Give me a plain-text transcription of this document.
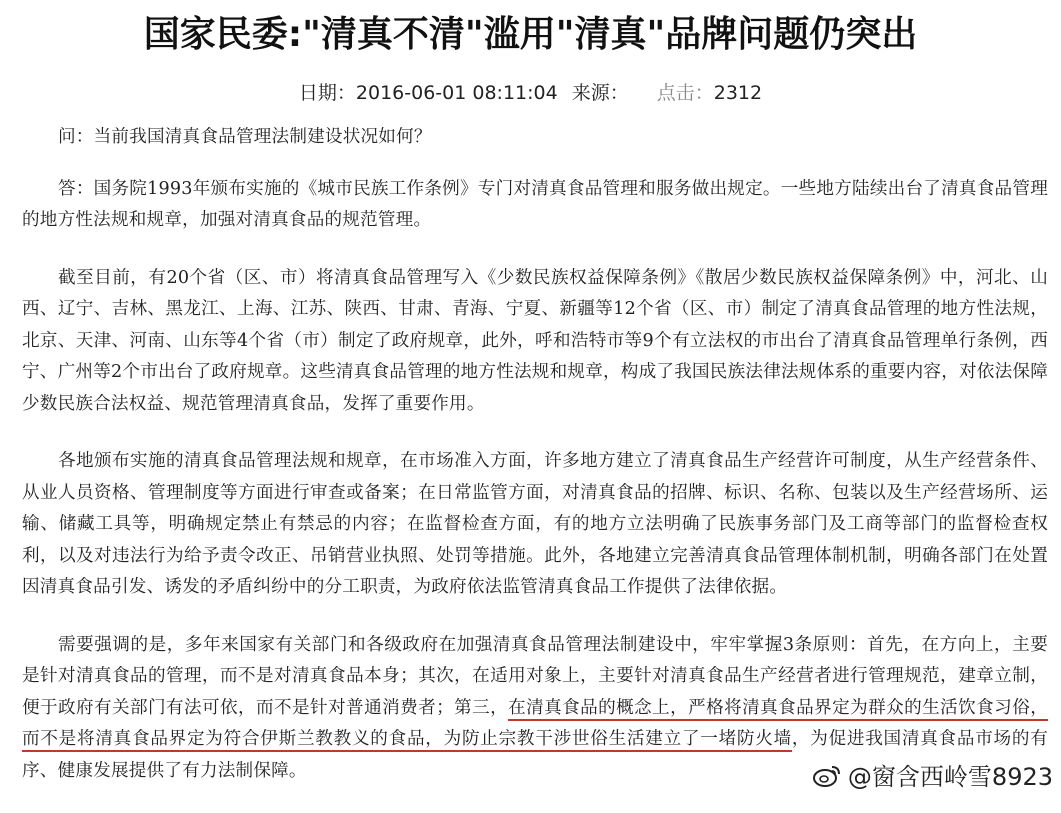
国家民委:"清真不清"滥用"清真"品牌问题仍突出
日期：2016-06-01 08:11:04 来源： 点击：2312

问：当前我国清真食品管理法制建设状况如何？

答：国务院1993年颁布实施的《城市民族工作条例》专门对清真食品管理和服务做出规定。一些地方陆续出台了清真食品管理的地方性法规和规章，加强对清真食品的规范管理。

截至目前，有20个省（区、市）将清真食品管理写入《少数民族权益保障条例》《散居少数民族权益保障条例》中，河北、山西、辽宁、吉林、黑龙江、上海、江苏、陕西、甘肃、青海、宁夏、新疆等12个省（区、市）制定了清真食品管理的地方性法规，北京、天津、河南、山东等4个省（市）制定了政府规章，此外，呼和浩特市等9个有立法权的市出台了清真食品管理单行条例，西宁、广州等2个市出台了政府规章。这些清真食品管理的地方性法规和规章，构成了我国民族法律法规体系的重要内容，对依法保障少数民族合法权益、规范管理清真食品，发挥了重要作用。

各地颁布实施的清真食品管理法规和规章，在市场准入方面，许多地方建立了清真食品生产经营许可制度，从生产经营条件、从业人员资格、管理制度等方面进行审查或备案；在日常监管方面，对清真食品的招牌、标识、名称、包装以及生产经营场所、运输、储藏工具等，明确规定禁止有禁忌的内容；在监督检查方面，有的地方立法明确了民族事务部门及工商等部门的监督检查权利，以及对违法行为给予责令改正、吊销营业执照、处罚等措施。此外，各地建立完善清真食品管理体制机制，明确各部门在处置因清真食品引发、诱发的矛盾纠纷中的分工职责，为政府依法监管清真食品工作提供了法律依据。

需要强调的是，多年来国家有关部门和各级政府在加强清真食品管理法制建设中，牢牢掌握3条原则：首先，在方向上，主要是针对清真食品的管理，而不是对清真食品本身；其次，在适用对象上，主要针对清真食品生产经营者进行管理规范，建章立制，便于政府有关部门有法可依，而不是针对普通消费者；第三，在清真食品的概念上，严格将清真食品界定为群众的生活饮食习俗，而不是将清真食品界定为符合伊斯兰教教义的食品，为防止宗教干涉世俗生活建立了一堵防火墙，为促进我国清真食品市场的有序、健康发展提供了有力法制保障。	@窗含西岭雪8923
